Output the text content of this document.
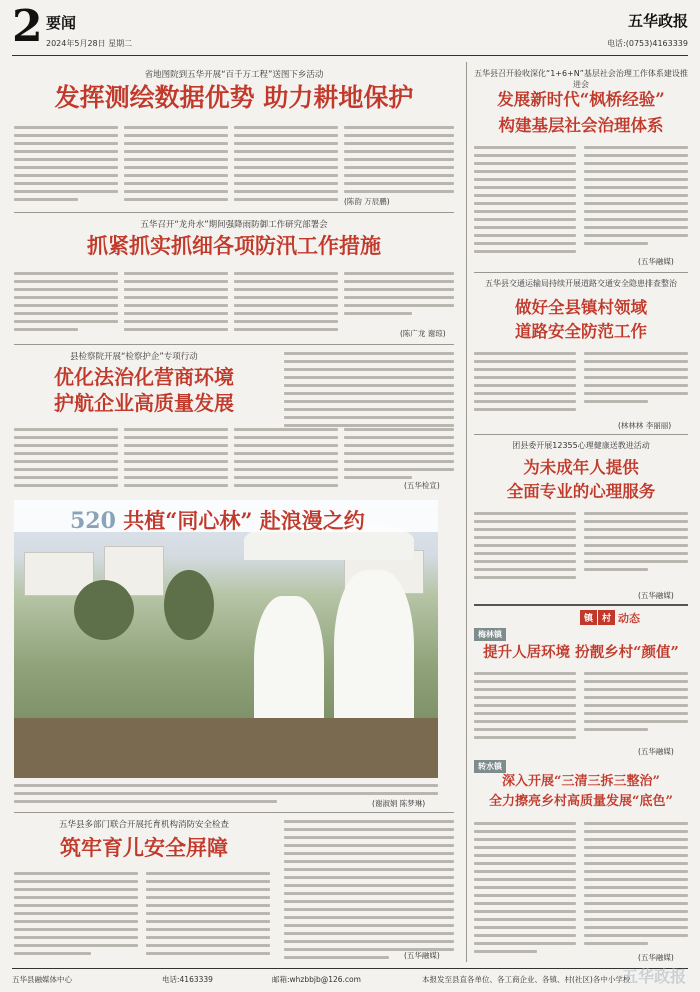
2 要闻
2024年5月28日 星期二
五华政报
电话:(0753)4163339
省地图院到五华开展“百千万工程”送图下乡活动
发挥测绘数据优势 助力耕地保护
(陈韵 万辰鹏)
五华召开“龙舟水”期间强降雨防御工作研究部署会
抓紧抓实抓细各项防汛工作措施
(陈广龙 谢琼)
县检察院开展“检察护企”专项行动
优化法治化营商环境
护航企业高质量发展
(五华检宣)
520 共植“同心林” 赴浪漫之约
(谢淑娟 陈梦琳)
五华县多部门联合开展托育机构消防安全检查
筑牢育儿安全屏障
(五华融媒)
五华县召开验收深化“1+6+N”基层社会治理工作体系建设推进会
发展新时代“枫桥经验”
构建基层社会治理体系
(五华融媒)
五华县交通运输局持续开展道路交通安全隐患排查整治
做好全县镇村领域
道路安全防范工作
(林林林 李丽丽)
团县委开展12355心理健康送教进活动
为未成年人提供
全面专业的心理服务
(五华融媒)
镇 村 动态
梅林镇
提升人居环境 扮靓乡村“颜值”
(五华融媒)
转水镇
深入开展“三清三拆三整治”
全力擦亮乡村高质量发展“底色”
(五华融媒)
五华县融媒体中心	电话:4163339	邮箱:whzbbjb@126.com	本报发至县直各单位、各工商企业、各镇、村(社区)各中小学校
五华政报
